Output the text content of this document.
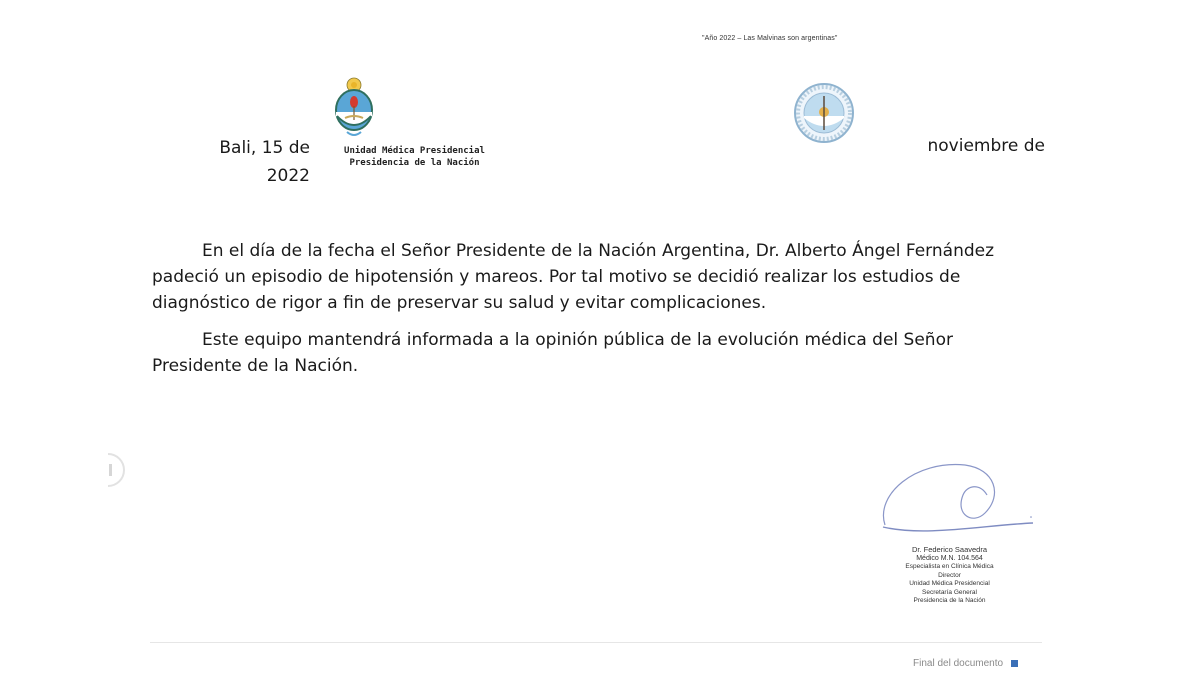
"Año 2022 – Las Malvinas son argentinas"
Unidad Médica Presidencial
Presidencia de la Nación
Bali, 15 de
2022
noviembre de

En el día de la fecha el Señor Presidente de la Nación Argentina, Dr. Alberto Ángel Fernández padeció un episodio de hipotensión y mareos. Por tal motivo se decidió realizar los estudios de diagnóstico de rigor a fin de preservar su salud y evitar complicaciones.

Este equipo mantendrá informada a la opinión pública de la evolución médica del Señor Presidente de la Nación.

Dr. Federico Saavedra
Médico M.N. 104.564
Especialista en Clínica Médica
Director
Unidad Médica Presidencial
Secretaría General
Presidencia de la Nación
Final del documento
